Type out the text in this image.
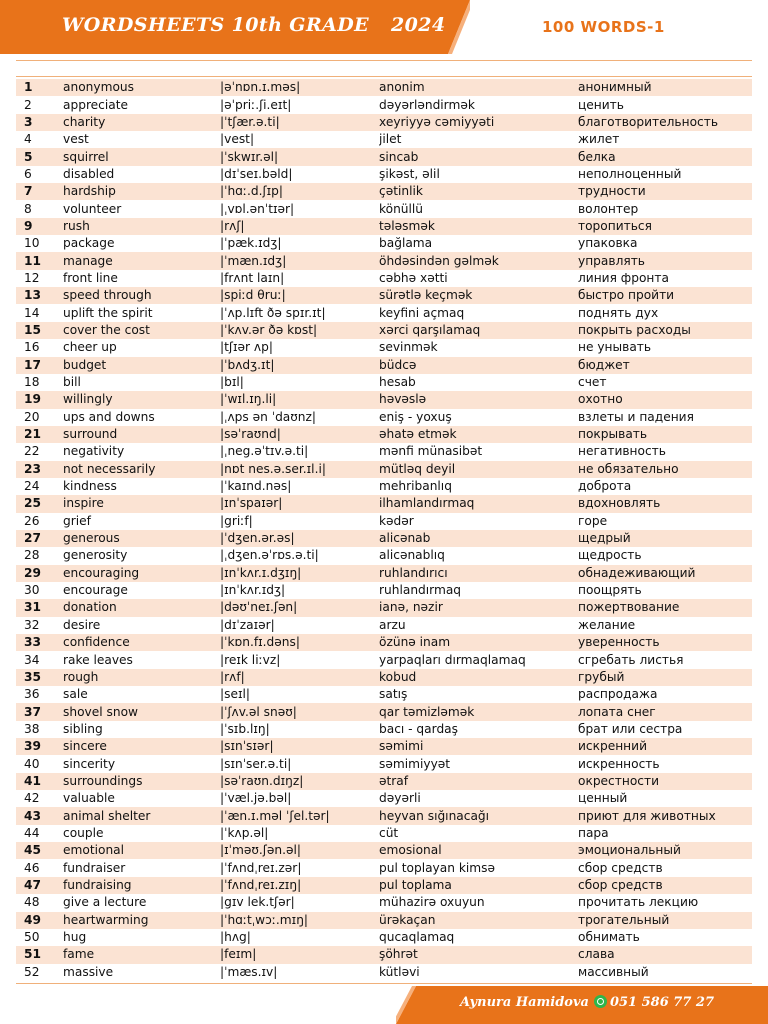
WORDSHEETS 10th GRADE 2024	100 WORDS-1
1	anonymous	|əˈnɒn.ɪ.məs|	anonim	анонимный
2	appreciate	|əˈpriː.ʃi.eɪt|	dəyərləndirmək	ценить
3	charity	|ˈtʃær.ə.ti|	xeyriyyə cəmiyyəti	благотворительность
4	vest	|vest|	jilet	жилет
5	squirrel	|ˈskwɪr.əl|	sincab	белка
6	disabled	|dɪˈseɪ.bəld|	şikəst, əlil	неполноценный
7	hardship	|ˈhɑː.d.ʃɪp|	çətinlik	трудности
8	volunteer	|ˌvɒl.ənˈtɪər|	könüllü	волонтер
9	rush	|rʌʃ|	tələsmək	торопиться
10	package	|ˈpæk.ɪdʒ|	bağlama	упаковка
11	manage	|ˈmæn.ɪdʒ|	öhdəsindən gəlmək	управлять
12	front line	|frʌnt laɪn|	cəbhə xətti	линия фронта
13	speed through	|spiːd θruː|	sürətlə keçmək	быстро пройти
14	uplift the spirit	|ˈʌp.lɪft ðə spɪr.ɪt|	keyfini açmaq	поднять дух
15	cover the cost	|ˈkʌv.ər ðə kɒst|	xərci qarşılamaq	покрыть расходы
16	cheer up	|tʃɪər ʌp|	sevinmək	не унывать
17	budget	|ˈbʌdʒ.ɪt|	büdcə	бюджет
18	bill	|bɪl|	hesab	счет
19	willingly	|ˈwɪl.ɪŋ.li|	həvəslə	охотно
20	ups and downs	|ˌʌps ən ˈdaʊnz|	eniş - yoxuş	взлеты и падения
21	surround	|səˈraʊnd|	əhatə etmək	покрывать
22	negativity	|ˌneg.əˈtɪv.ə.ti|	mənfi münasibət	негативность
23	not necessarily	|nɒt nes.ə.ser.ɪl.i|	mütləq deyil	не обязательно
24	kindness	|ˈkaɪnd.nəs|	mehribanlıq	доброта
25	inspire	|ɪnˈspaɪər|	ilhamlandırmaq	вдохновлять
26	grief	|griːf|	kədər	горе
27	generous	|ˈdʒen.ər.əs|	alicənab	щедрый
28	generosity	|ˌdʒen.əˈrɒs.ə.ti|	alicənablıq	щедрость
29	encouraging	|ɪnˈkʌr.ɪ.dʒɪŋ|	ruhlandırıcı	обнадеживающий
30	encourage	|ɪnˈkʌr.ɪdʒ|	ruhlandırmaq	поощрять
31	donation	|dəʊˈneɪ.ʃən|	ianə, nəzir	пожертвование
32	desire	|dɪˈzaɪər|	arzu	желание
33	confidence	|ˈkɒn.fɪ.dəns|	özünə inam	уверенность
34	rake leaves	|reɪk liːvz|	yarpaqları dırmaqlamaq	сгребать листья
35	rough	|rʌf|	kobud	грубый
36	sale	|seɪl|	satış	распродажа
37	shovel snow	|ˈʃʌv.əl snəʊ|	qar təmizləmək	лопата снег
38	sibling	|ˈsɪb.lɪŋ|	bacı - qardaş	брат или сестра
39	sincere	|sɪnˈsɪər|	səmimi	искренний
40	sincerity	|sɪnˈser.ə.ti|	səmimiyyət	искренность
41	surroundings	|səˈraʊn.dɪŋz|	ətraf	окрестности
42	valuable	|ˈvæl.jə.bəl|	dəyərli	ценный
43	animal shelter	|ˈæn.ɪ.məl ˈʃel.tər|	heyvan sığınacağı	приют для животных
44	couple	|ˈkʌp.əl|	cüt	пара
45	emotional	|ɪˈməʊ.ʃən.əl|	emosional	эмоциональный
46	fundraiser	|ˈfʌndˌreɪ.zər|	pul toplayan kimsə	сбор средств
47	fundraising	|ˈfʌndˌreɪ.zɪŋ|	pul toplama	сбор средств
48	give a lecture	|gɪv lek.tʃər|	mühazirə oxuyun	прочитать лекцию
49	heartwarming	|ˈhɑːtˌwɔː.mɪŋ|	ürəkaçan	трогательный
50	hug	|hʌg|	qucaqlamaq	обнимать
51	fame	|feɪm|	şöhrət	слава
52	massive	|ˈmæs.ɪv|	kütləvi	массивный
Aynura Hamidova 051 586 77 27
